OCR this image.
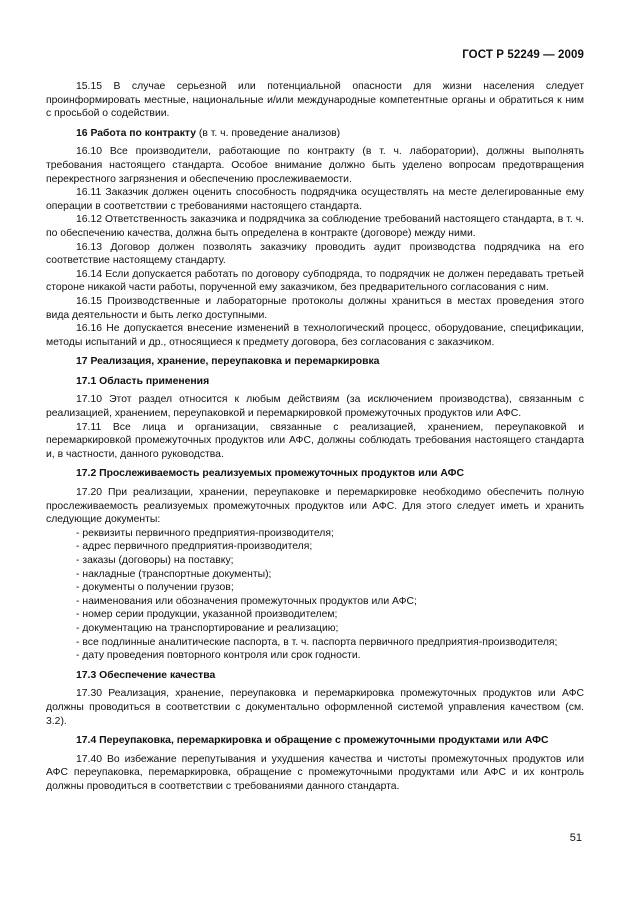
ГОСТ Р 52249 — 2009

15.15 В случае серьезной или потенциальной опасности для жизни населения следует проинформировать местные, национальные и/или международные компетентные органы и обратиться к ним с просьбой о содействии.

16 Работа по контракту (в т. ч. проведение анализов)

16.10 Все производители, работающие по контракту (в т. ч. лаборатории), должны выполнять требования настоящего стандарта. Особое внимание должно быть уделено вопросам предотвращения перекрестного загрязнения и обеспечению прослеживаемости.

16.11 Заказчик должен оценить способность подрядчика осуществлять на месте делегированные ему операции в соответствии с требованиями настоящего стандарта.

16.12 Ответственность заказчика и подрядчика за соблюдение требований настоящего стандарта, в т. ч. по обеспечению качества, должна быть определена в контракте (договоре) между ними.

16.13 Договор должен позволять заказчику проводить аудит производства подрядчика на его соответствие настоящему стандарту.

16.14 Если допускается работать по договору субподряда, то подрядчик не должен передавать третьей стороне никакой части работы, порученной ему заказчиком, без предварительного согласования с ним.

16.15 Производственные и лабораторные протоколы должны храниться в местах проведения этого вида деятельности и быть легко доступными.

16.16 Не допускается внесение изменений в технологический процесс, оборудование, спецификации, методы испытаний и др., относящиеся к предмету договора, без согласования с заказчиком.

17 Реализация, хранение, переупаковка и перемаркировка
17.1 Область применения

17.10 Этот раздел относится к любым действиям (за исключением производства), связанным с реализацией, хранением, переупаковкой и перемаркировкой промежуточных продуктов или АФС.

17.11 Все лица и организации, связанные с реализацией, хранением, переупаковкой и перемаркировкой промежуточных продуктов или АФС, должны соблюдать требования настоящего стандарта и, в частности, данного руководства.

17.2 Прослеживаемость реализуемых промежуточных продуктов или АФС

17.20 При реализации, хранении, переупаковке и перемаркировке необходимо обеспечить полную прослеживаемость реализуемых промежуточных продуктов или АФС. Для этого следует иметь и хранить следующие документы:

- реквизиты первичного предприятия-производителя;
- адрес первичного предприятия-производителя;
- заказы (договоры) на поставку;
- накладные (транспортные документы);
- документы о получении грузов;
- наименования или обозначения промежуточных продуктов или АФС;
- номер серии продукции, указанной производителем;
- документацию на транспортирование и реализацию;
- все подлинные аналитические паспорта, в т. ч. паспорта первичного предприятия-производителя;
- дату проведения повторного контроля или срок годности.
17.3 Обеспечение качества

17.30 Реализация, хранение, переупаковка и перемаркировка промежуточных продуктов или АФС должны проводиться в соответствии с документально оформленной системой управления качеством (см. 3.2).

17.4 Переупаковка, перемаркировка и обращение с промежуточными продуктами или АФС

17.40 Во избежание перепутывания и ухудшения качества и чистоты промежуточных продуктов или АФС переупаковка, перемаркировка, обращение с промежуточными продуктами или АФС и их контроль должны проводиться в соответствии с требованиями данного стандарта.

51
